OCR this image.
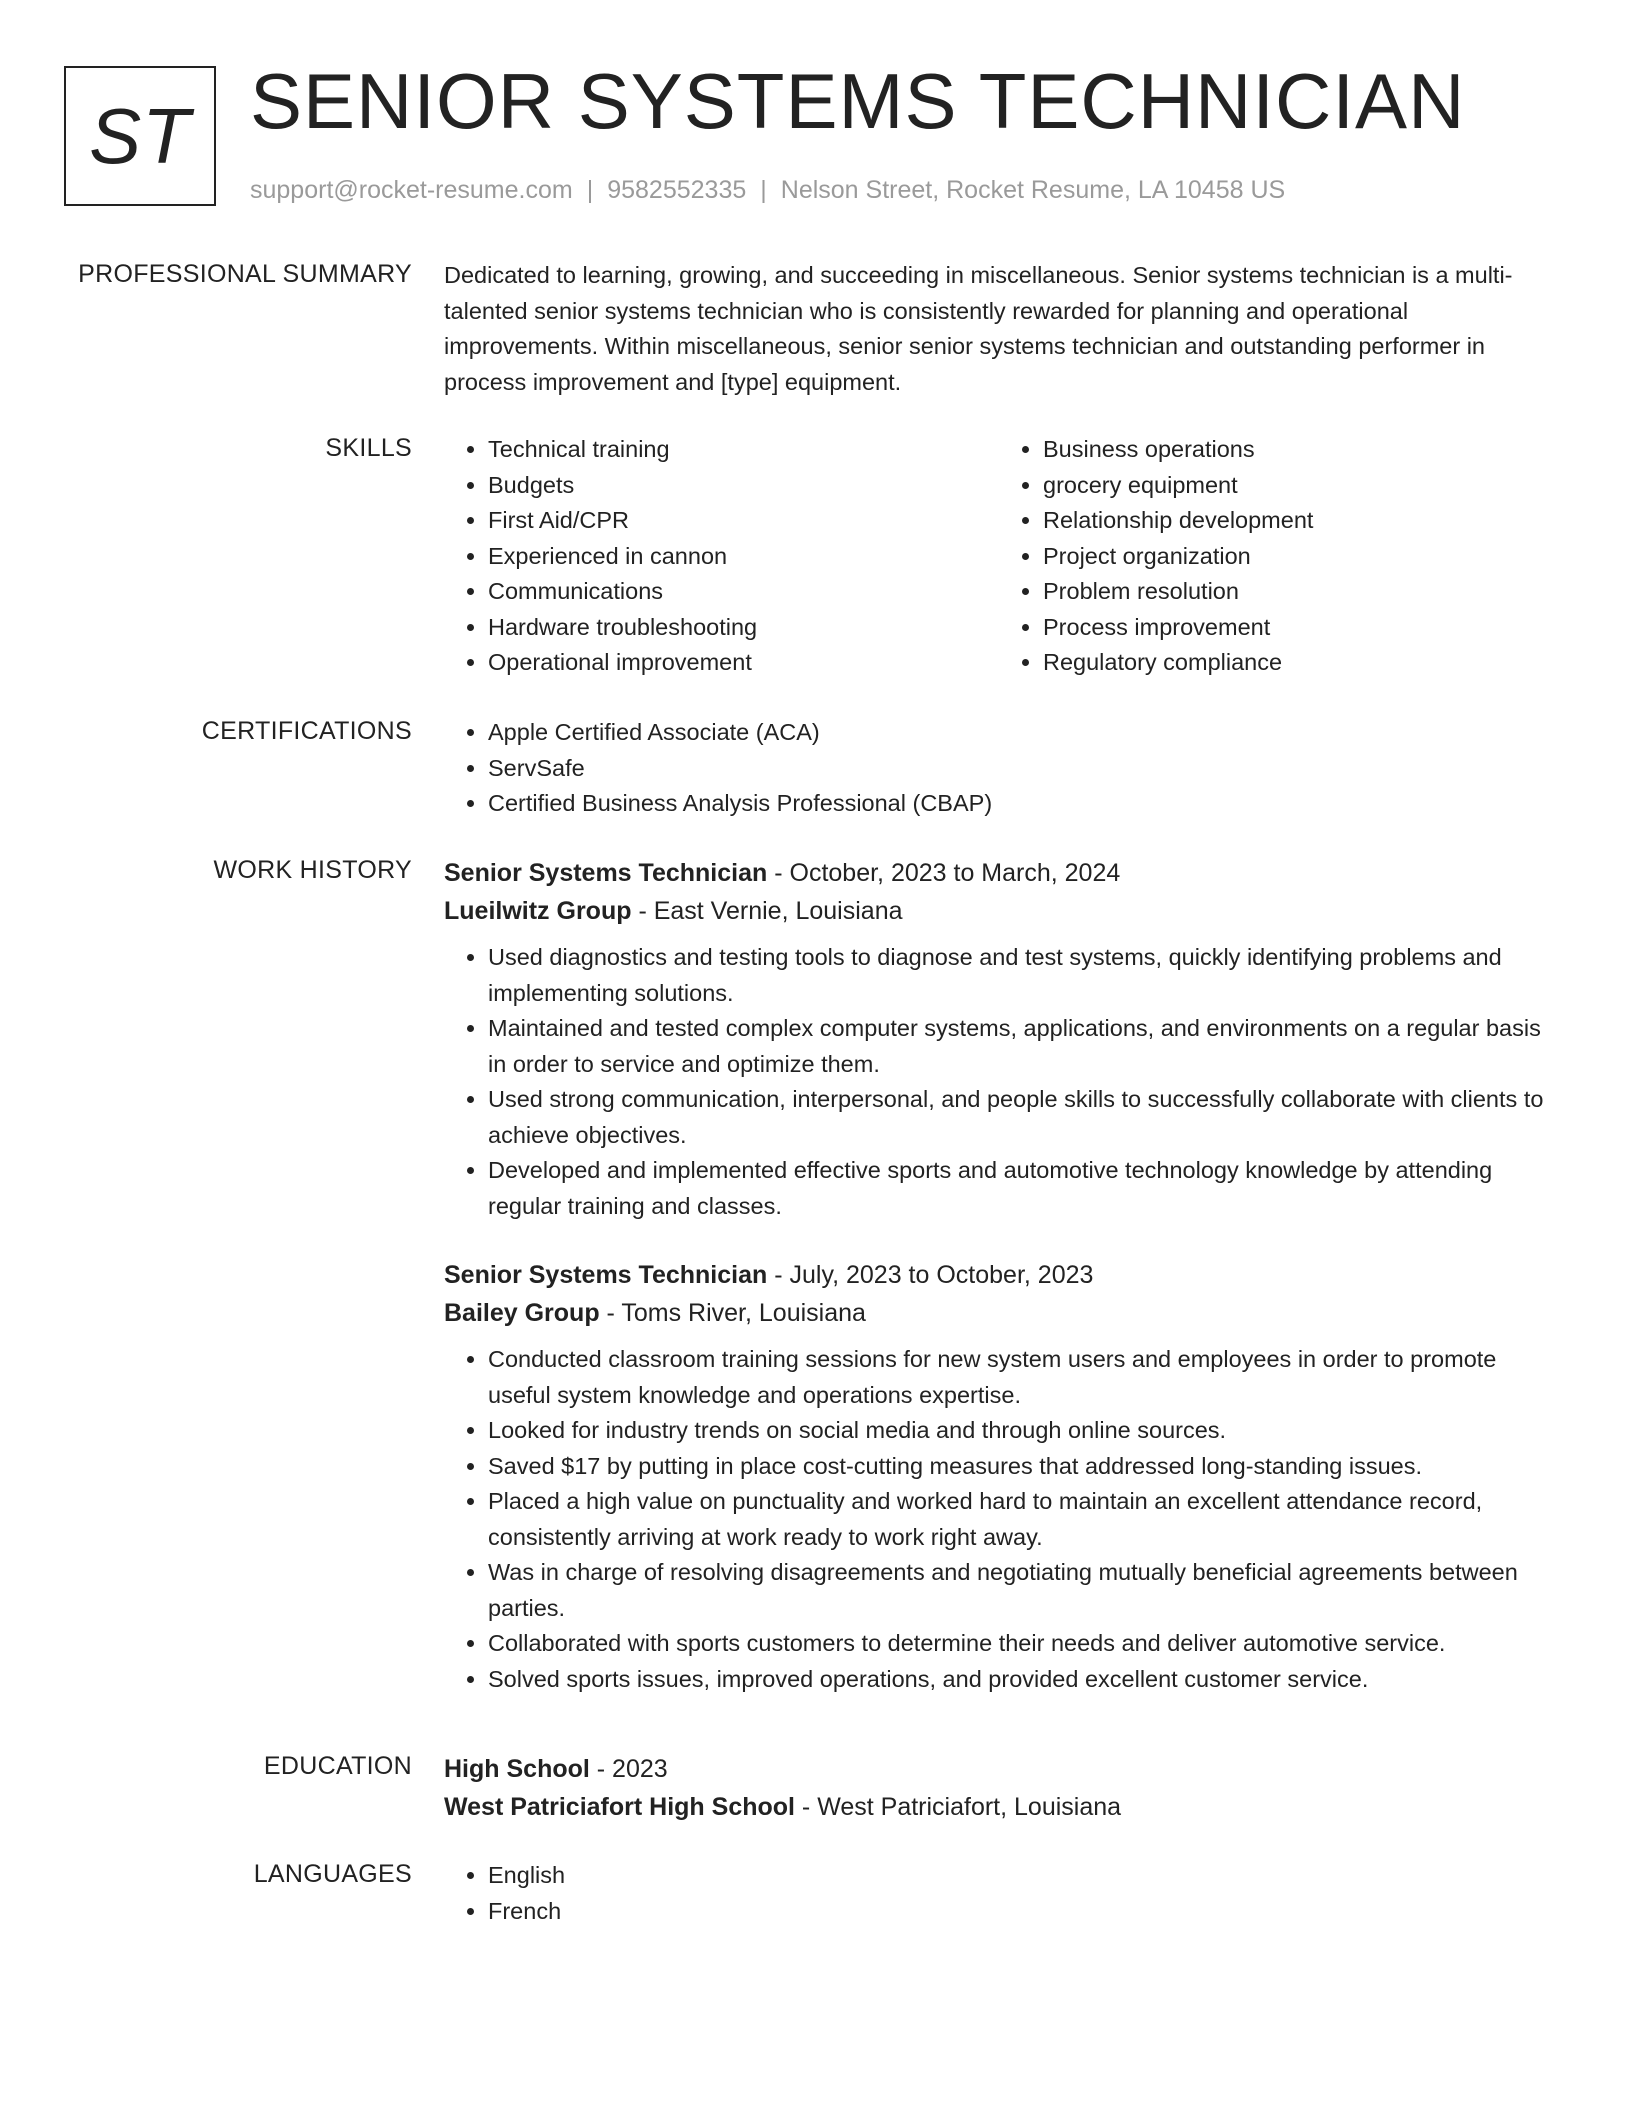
ST SENIOR SYSTEMS TECHNICIAN
support@rocket-resume.com | 9582552335 | Nelson Street, Rocket Resume, LA 10458 US
PROFESSIONAL SUMMARY Dedicated to learning, growing, and succeeding in miscellaneous. Senior systems technician is a multi-talented senior systems technician who is consistently rewarded for planning and operational improvements. Within miscellaneous, senior senior systems technician and outstanding performer in process improvement and [type] equipment.

SKILLS	• Technical training
• Budgets
• First Aid/CPR
• Experienced in cannon
• Communications
• Hardware troubleshooting
• Operational improvement
• Business operations
• grocery equipment
• Relationship development
• Project organization
• Problem resolution
• Process improvement
• Regulatory compliance
CERTIFICATIONS	• Apple Certified Associate (ACA)
• ServSafe
• Certified Business Analysis Professional (CBAP)
WORK HISTORY Senior Systems Technician - October, 2023 to March, 2024
Lueilwitz Group - East Vernie, Louisiana
• Used diagnostics and testing tools to diagnose and test systems, quickly identifying problems and implementing solutions.
• Maintained and tested complex computer systems, applications, and environments on a regular basis in order to service and optimize them.
• Used strong communication, interpersonal, and people skills to successfully collaborate with clients to achieve objectives.
• Developed and implemented effective sports and automotive technology knowledge by attending regular training and classes.
Senior Systems Technician - July, 2023 to October, 2023
Bailey Group - Toms River, Louisiana
• Conducted classroom training sessions for new system users and employees in order to promote useful system knowledge and operations expertise.
• Looked for industry trends on social media and through online sources.
• Saved $17 by putting in place cost-cutting measures that addressed long-standing issues.
• Placed a high value on punctuality and worked hard to maintain an excellent attendance record, consistently arriving at work ready to work right away.
• Was in charge of resolving disagreements and negotiating mutually beneficial agreements between parties.
• Collaborated with sports customers to determine their needs and deliver automotive service.
• Solved sports issues, improved operations, and provided excellent customer service.
EDUCATION High School - 2023
West Patriciafort High School - West Patriciafort, Louisiana
LANGUAGES	• English
• French
